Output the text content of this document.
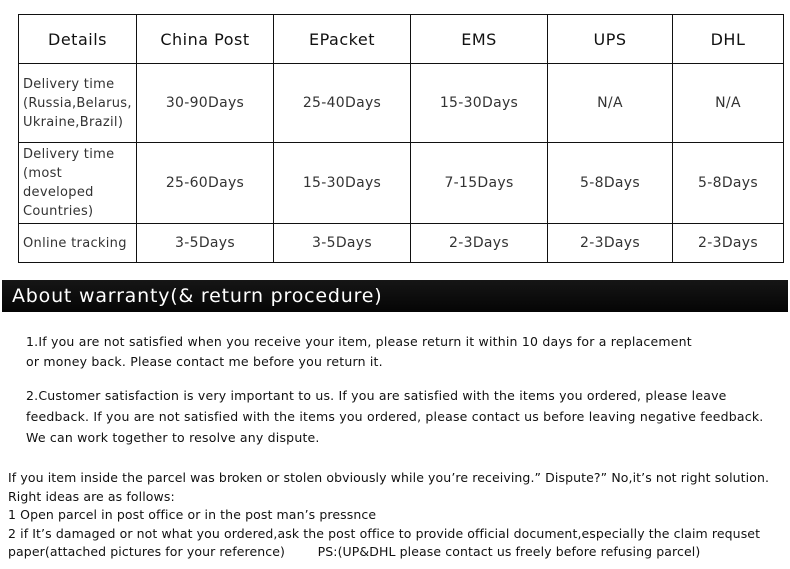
Details	China Post	EPacket	EMS	UPS	DHL

Delivery time
(Russia,Belarus,
Ukraine,Brazil)	30-90Days	25-40Days	15-30Days	N/A	N/A

Delivery time
(most developed
Countries)	25-60Days	15-30Days	7-15Days	5-8Days	5-8Days

Online tracking	3-5Days	3-5Days	2-3Days	2-3Days	2-3Days
About warranty(& return procedure)

1.If you are not satisfied when you receive your item, please return it within 10 days for a replacement
or money back. Please contact me before you return it.

2.Customer satisfaction is very important to us. If you are satisfied with the items you ordered, please leave
feedback. If you are not satisfied with the items you ordered, please contact us before leaving negative feedback.
We can work together to resolve any dispute.

If you item inside the parcel was broken or stolen obviously while you’re receiving.” Dispute?” No,it’s not right solution.
Right ideas are as follows:
1 Open parcel in post office or in the post man’s pressnce
2 if It’s damaged or not what you ordered,ask the post office to provide official document,especially the claim requset
paper(attached pictures for your reference)        PS:(UP&DHL please contact us freely before refusing parcel)
